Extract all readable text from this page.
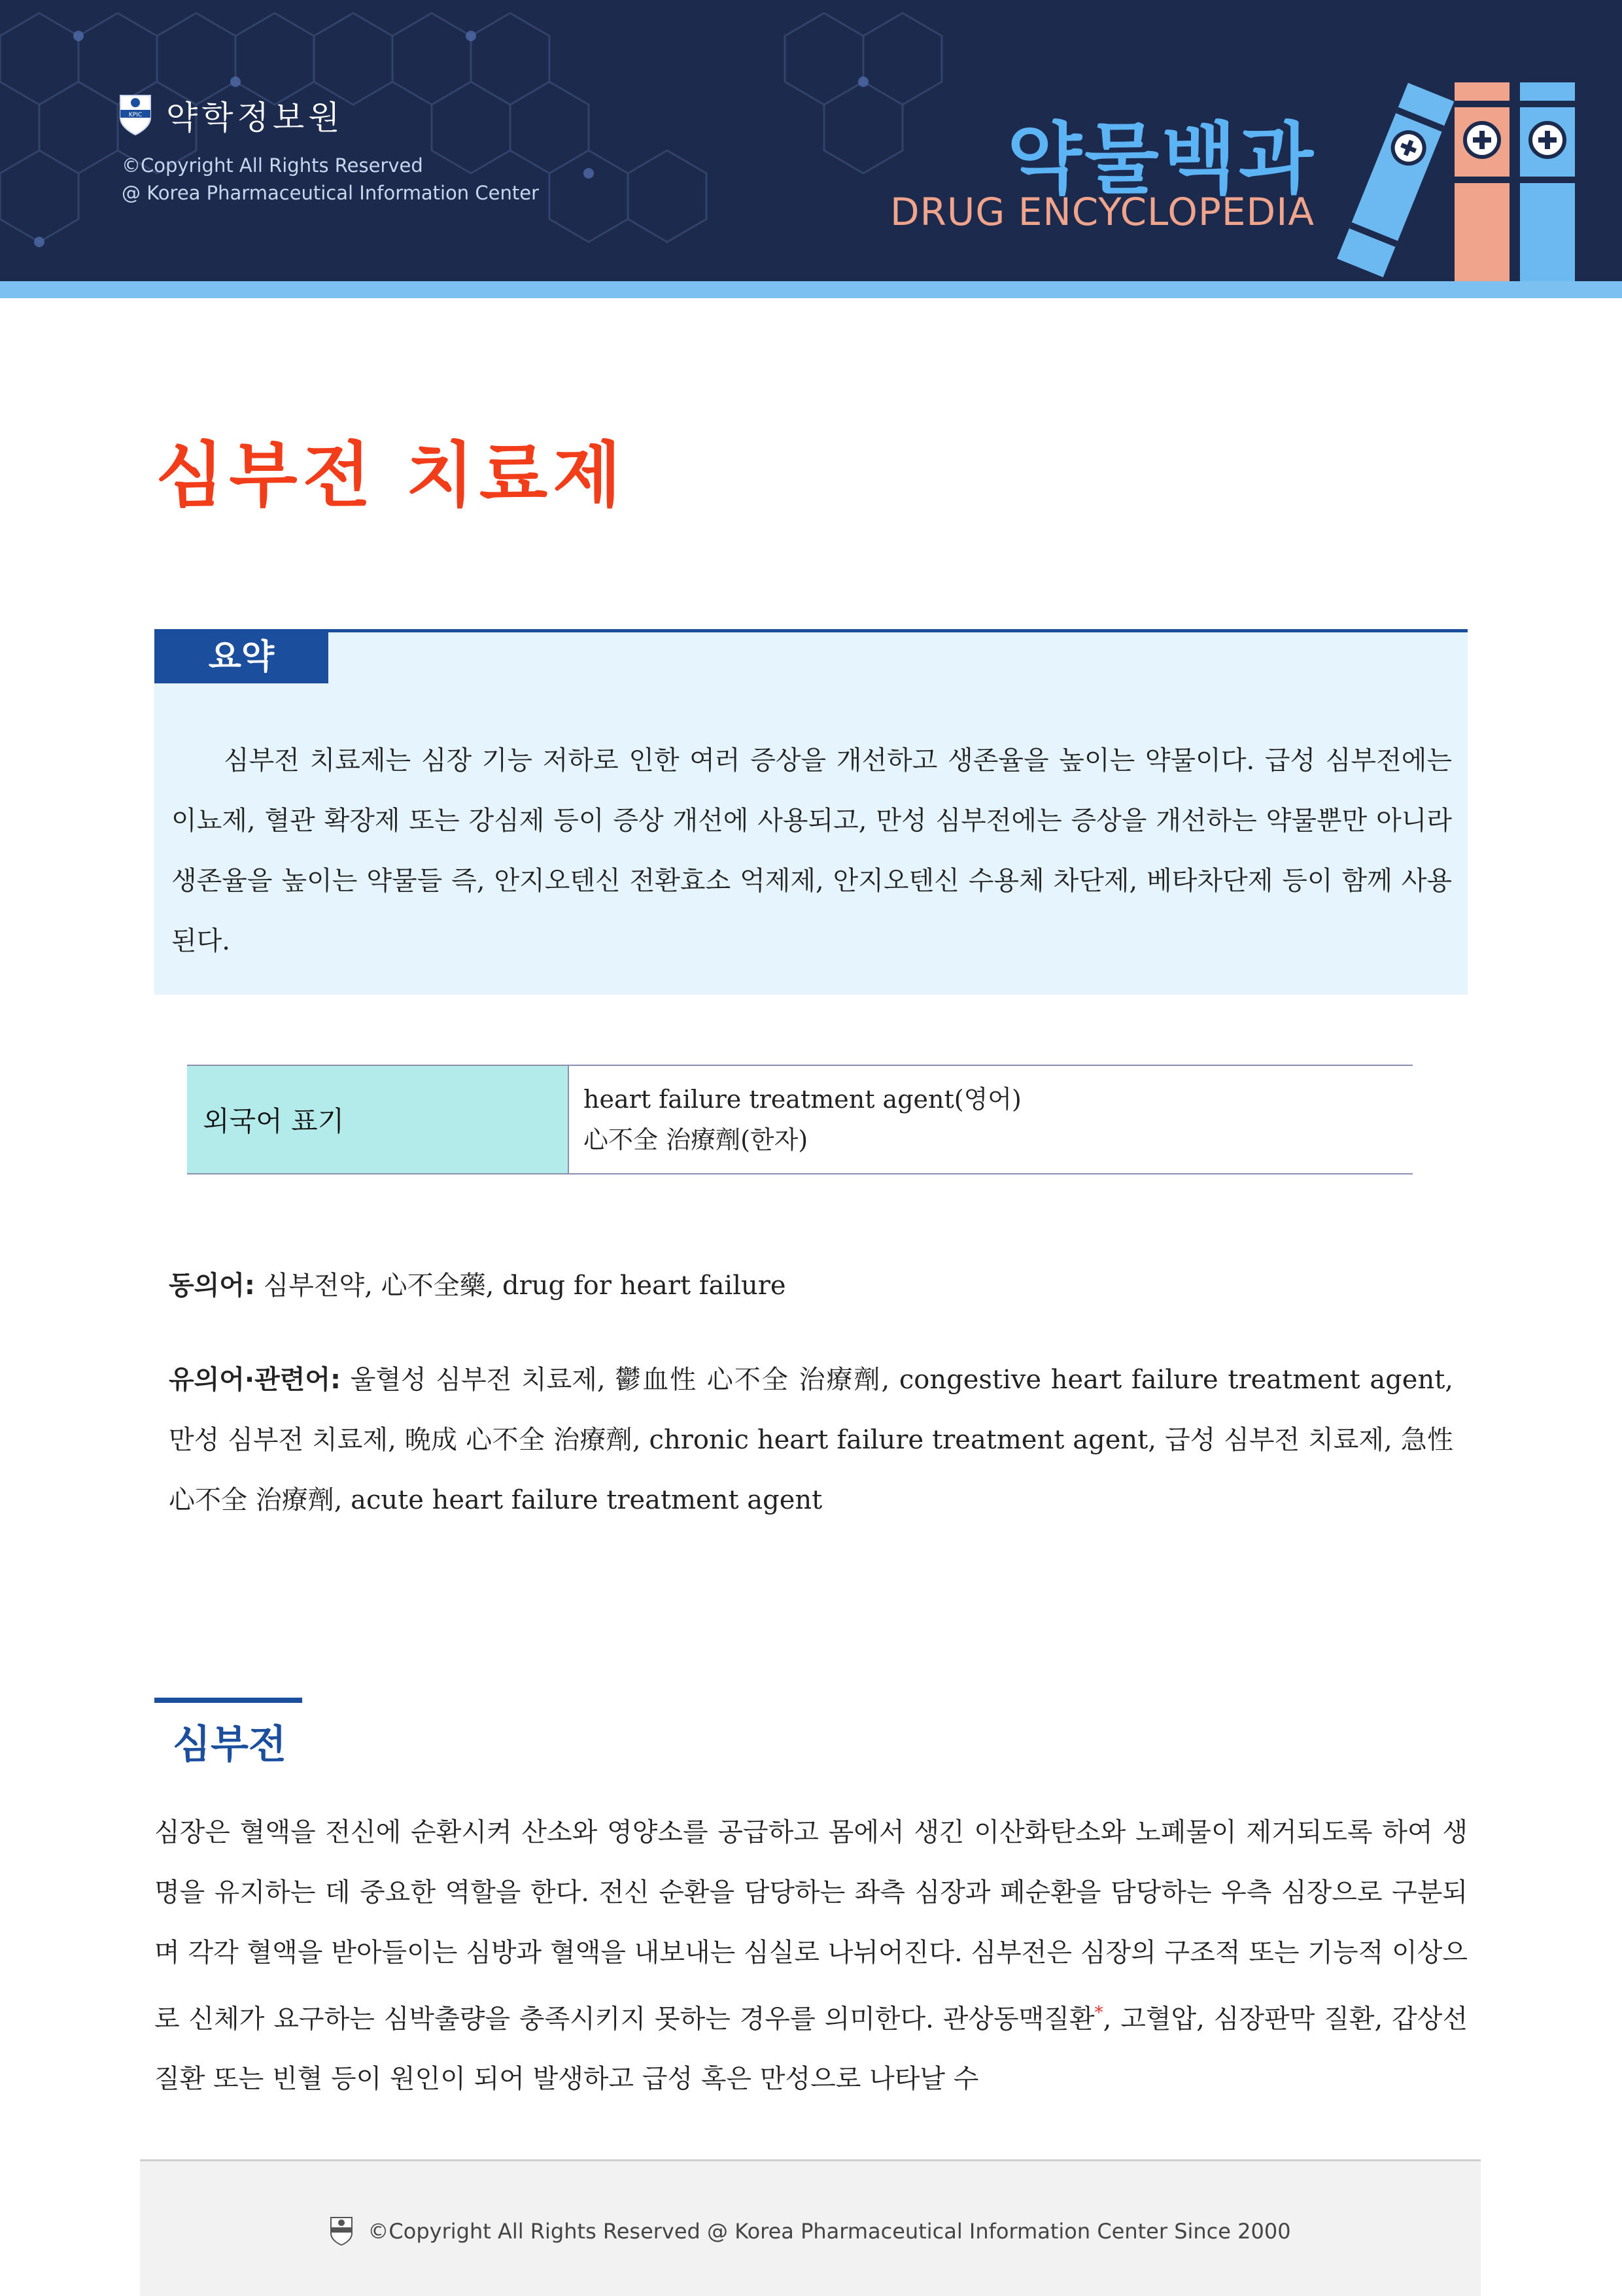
KPIC 약학정보원
©Copyright All Rights Reserved
@ Korea Pharmaceutical Information Center	약물백과
DRUG ENCYCLOPEDIA
심부전 치료제
요약

심부전 치료제는 심장 기능 저하로 인한 여러 증상을 개선하고 생존율을 높이는 약물이다. 급성 심부전에는 이뇨제, 혈관 확장제 또는 강심제 등이 증상 개선에 사용되고, 만성 심부전에는 증상을 개선하는 약물뿐만 아니라 생존율을 높이는 약물들 즉, 안지오텐신 전환효소 억제제, 안지오텐신 수용체 차단제, 베타차단제 등이 함께 사용된다.

외국어 표기
heart failure treatment agent(영어)
心不全 治療劑(한자)

동의어: 심부전약, 心不全藥, drug for heart failure

유의어·관련어: 울혈성 심부전 치료제, 鬱血性 心不全 治療劑, congestive heart failure treatment agent, 만성 심부전 치료제, 晩成 心不全 治療劑, chronic heart failure treatment agent, 급성 심부전 치료제, 急性 心不全 治療劑, acute heart failure treatment agent

심부전

심장은 혈액을 전신에 순환시켜 산소와 영양소를 공급하고 몸에서 생긴 이산화탄소와 노폐물이 제거되도록 하여 생명을 유지하는 데 중요한 역할을 한다. 전신 순환을 담당하는 좌측 심장과 폐순환을 담당하는 우측 심장으로 구분되며 각각 혈액을 받아들이는 심방과 혈액을 내보내는 심실로 나뉘어진다. 심부전은 심장의 구조적 또는 기능적 이상으로 신체가 요구하는 심박출량을 충족시키지 못하는 경우를 의미한다. 관상동맥질환*, 고혈압, 심장판막 질환, 갑상선 질환 또는 빈혈 등이 원인이 되어 발생하고 급성 혹은 만성으로 나타날 수

©Copyright All Rights Reserved @ Korea Pharmaceutical Information Center Since 2000
